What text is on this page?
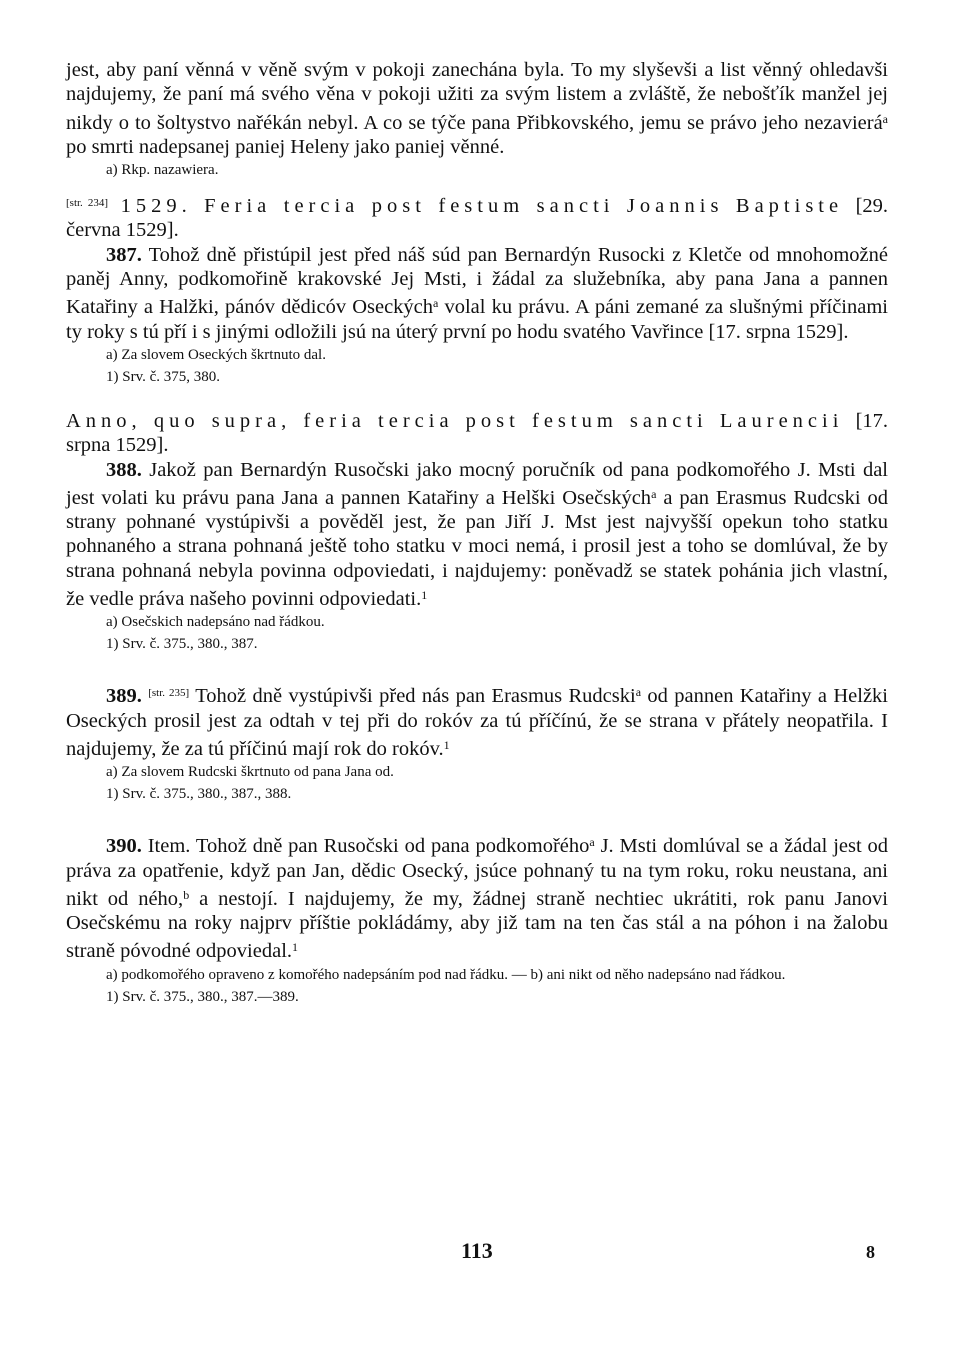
jest, aby paní věnná v věně svým v pokoji zanechána byla. To my slyševši a list věnný ohledavši najdujemy, že paní má svého věna v pokoji užiti za svým listem a zvláště, že nebošťík manžel jej nikdy o to šoltystvo nařékán nebyl. A co se týče pana Přibkovského, jemu se právo jeho nezavierá$^a$ po smrti nadepsanej paniej Heleny jako paniej věnné.

a) Rkp. nazawiera.

[str. 234] 1529. Feria tercia post festum sancti Joannis Baptiste [29. června 1529].

387. Tohož dně přistúpil jest před náš súd pan Bernardýn Rusocki z Kletče od mnohomožné paněj Anny, podkomořině krakovské Jej Msti, i žádal za služebníka, aby pana Jana a pannen Katařiny a Halžki, pánóv dědicóv Oseckých$^a$ volal ku právu. A páni zemané za slušnými příčinami ty roky s tú pří i s jinými odložili jsú na úterý první po hodu svatého Vavřince [17. srpna 1529].

a) Za slovem Oseckých škrtnuto dal.

1) Srv. č. 375, 380.

Anno, quo supra, feria tercia post festum sancti Laurencii [17. srpna 1529].

388. Jakož pan Bernardýn Rusočski jako mocný poručník od pana podkomořého J. Msti dal jest volati ku právu pana Jana a pannen Katařiny a Helški Osečských$^a$ a pan Erasmus Rudcski od strany pohnané vystúpivši a pověděl jest, že pan Jiří J. Mst jest najvyšší opekun toho statku pohnaného a strana pohnaná ještě toho statku v moci nemá, i prosil jest a toho se domlúval, že by strana pohnaná nebyla povinna odpoviedati, i najdujemy: poněvadž se statek pohánia jich vlastní, že vedle práva našeho povinni odpoviedati.$^1$

a) Osečskich nadepsáno nad řádkou.

1) Srv. č. 375., 380., 387.

389. [str. 235] Tohož dně vystúpivši před nás pan Erasmus Rudcski$^a$ od pannen Katařiny a Helžki Oseckých prosil jest za odtah v tej při do rokóv za tú příčínú, že se strana v přátely neopatřila. I najdujemy, že za tú příčinú mají rok do rokóv.$^1$

a) Za slovem Rudcski škrtnuto od pana Jana od.

1) Srv. č. 375., 380., 387., 388.

390. Item. Tohož dně pan Rusočski od pana podkomořého$^a$ J. Msti domlúval se a žádal jest od práva za opatřenie, když pan Jan, dědic Osecký, jsúce pohnaný tu na tym roku, roku neustana, ani nikt od ného,$^b$ a nestojí. I najdujemy, že my, žádnej straně nechtiec ukrátiti, rok panu Janovi Osečskému na roky najprv příštie pokládámy, aby již tam na ten čas stál a na póhon i na žalobu straně póvodné odpoviedal.$^1$

a) podkomořého opraveno z komořého nadepsáním pod nad řádku. — b) ani nikt od něho nadepsáno nad řádkou.

1) Srv. č. 375., 380., 387.—389.

113	8
